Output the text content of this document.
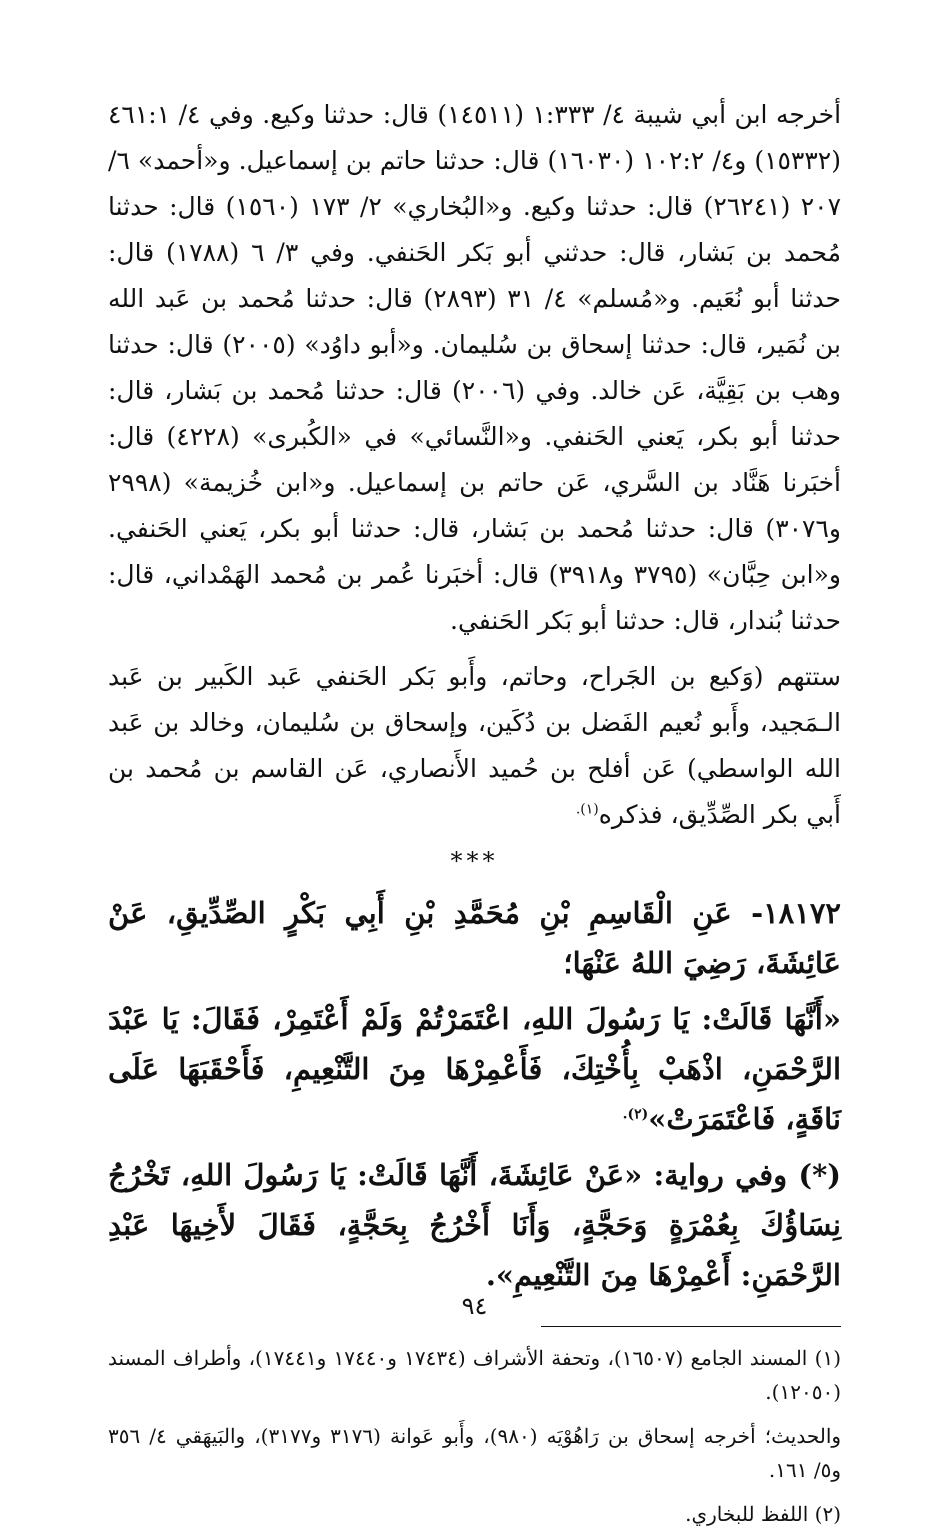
أخرجه ابن أبي شيبة ٤/ ١:٣٣٣ (١٤٥١١) قال: حدثنا وكيع. وفي ٤/ ٤٦١:١ (١٥٣٣٢) و٤/ ١٠٢:٢ (١٦٠٣٠) قال: حدثنا حاتم بن إسماعيل. و«أحمد» ٦/ ٢٠٧ (٢٦٢٤١) قال: حدثنا وكيع. و«البُخاري» ٢/ ١٧٣ (١٥٦٠) قال: حدثنا مُحمد بن بَشار، قال: حدثني أبو بَكر الحَنفي. وفي ٣/ ٦ (١٧٨٨) قال: حدثنا أبو نُعَيم. و«مُسلم» ٤/ ٣١ (٢٨٩٣) قال: حدثنا مُحمد بن عَبد الله بن نُمَير، قال: حدثنا إسحاق بن سُليمان. و«أبو داوُد» (٢٠٠٥) قال: حدثنا وهب بن بَقِيَّة، عَن خالد. وفي (٢٠٠٦) قال: حدثنا مُحمد بن بَشار، قال: حدثنا أبو بكر، يَعني الحَنفي. و«النَّسائي» في «الكُبرى» (٤٢٢٨) قال: أخبَرنا هَنَّاد بن السَّري، عَن حاتم بن إسماعيل. و«ابن خُزيمة» (٢٩٩٨ و٣٠٧٦) قال: حدثنا مُحمد بن بَشار، قال: حدثنا أبو بكر، يَعني الحَنفي. و«ابن حِبَّان» (٣٧٩٥ و٣٩١٨) قال: أخبَرنا عُمر بن مُحمد الهَمْداني، قال: حدثنا بُندار، قال: حدثنا أبو بَكر الحَنفي.

ستتهم (وَكيع بن الجَراح، وحاتم، وأَبو بَكر الحَنفي عَبد الكَبير بن عَبد الـمَجيد، وأَبو نُعيم الفَضل بن دُكَين، وإسحاق بن سُليمان، وخالد بن عَبد الله الواسطي) عَن أفلح بن حُميد الأَنصاري، عَن القاسم بن مُحمد بن أَبي بكر الصِّدِّيق، فذكره$^{(١).}$

***

١٨١٧٢- عَنِ الْقَاسِمِ بْنِ مُحَمَّدِ بْنِ أَبِي بَكْرٍ الصِّدِّيقِ، عَنْ عَائِشَةَ، رَضِيَ اللهُ عَنْهَا؛

«أَنَّهَا قَالَتْ: يَا رَسُولَ اللهِ، اعْتَمَرْتُمْ وَلَمْ أَعْتَمِرْ، فَقَالَ: يَا عَبْدَ الرَّحْمَنِ، اذْهَبْ بِأُخْتِكَ، فَأَعْمِرْهَا مِنَ التَّنْعِيمِ، فَأَحْقَبَهَا عَلَى نَاقَةٍ، فَاعْتَمَرَتْ»$^{(٢).}$

(*) وفي رواية: «عَنْ عَائِشَةَ، أَنَّهَا قَالَتْ: يَا رَسُولَ اللهِ، تَخْرُجُ نِسَاؤُكَ بِعُمْرَةٍ وَحَجَّةٍ، وَأَنَا أَخْرُجُ بِحَجَّةٍ، فَقَالَ لأَخِيهَا عَبْدِ الرَّحْمَنِ: أَعْمِرْهَا مِنَ التَّنْعِيمِ».

(١) المسند الجامع (١٦٥٠٧)، وتحفة الأشراف (١٧٤٣٤ و١٧٤٤٠ و١٧٤٤١)، وأطراف المسند (١٢٠٥٠).

والحديث؛ أخرجه إسحاق بن رَاهُوْيَه (٩٨٠)، وأَبو عَوانة (٣١٧٦ و٣١٧٧)، والبَيهَقي ٤/ ٣٥٦ و٥/ ١٦١.

(٢) اللفظ للبخاري.

٩٤
